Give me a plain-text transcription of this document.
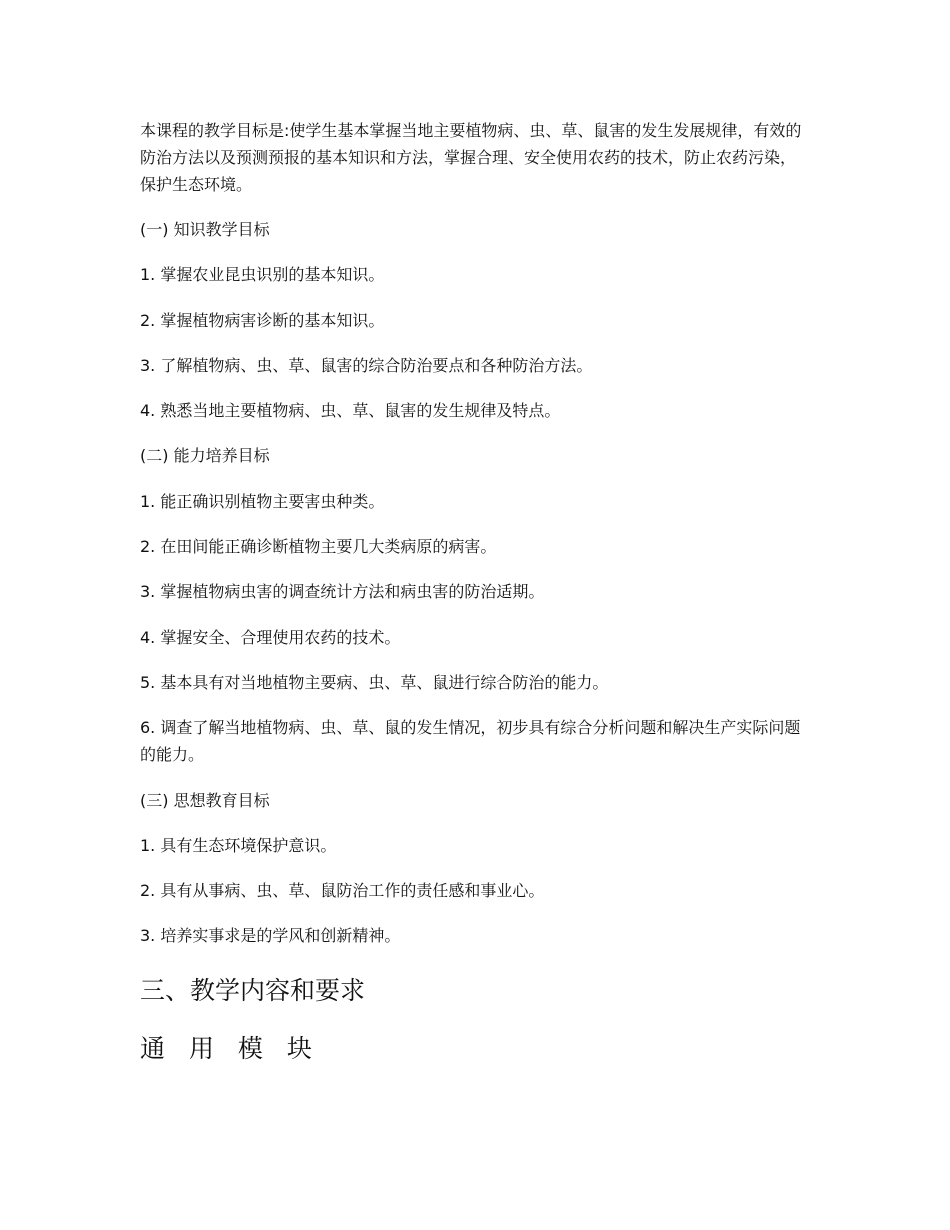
本课程的教学目标是:使学生基本掌握当地主要植物病、虫、草、鼠害的发生发展规律，有效的防治方法以及预测预报的基本知识和方法，掌握合理、安全使用农药的技术，防止农药污染，保护生态环境。

(一) 知识教学目标

1. 掌握农业昆虫识别的基本知识。

2. 掌握植物病害诊断的基本知识。

3. 了解植物病、虫、草、鼠害的综合防治要点和各种防治方法。

4. 熟悉当地主要植物病、虫、草、鼠害的发生规律及特点。

(二) 能力培养目标

1. 能正确识别植物主要害虫种类。

2. 在田间能正确诊断植物主要几大类病原的病害。

3. 掌握植物病虫害的调查统计方法和病虫害的防治适期。

4. 掌握安全、合理使用农药的技术。

5. 基本具有对当地植物主要病、虫、草、鼠进行综合防治的能力。

6. 调查了解当地植物病、虫、草、鼠的发生情况，初步具有综合分析问题和解决生产实际问题的能力。

(三) 思想教育目标

1. 具有生态环境保护意识。

2. 具有从事病、虫、草、鼠防治工作的责任感和事业心。

3. 培养实事求是的学风和创新精神。

三、教学内容和要求
通 用 模 块
